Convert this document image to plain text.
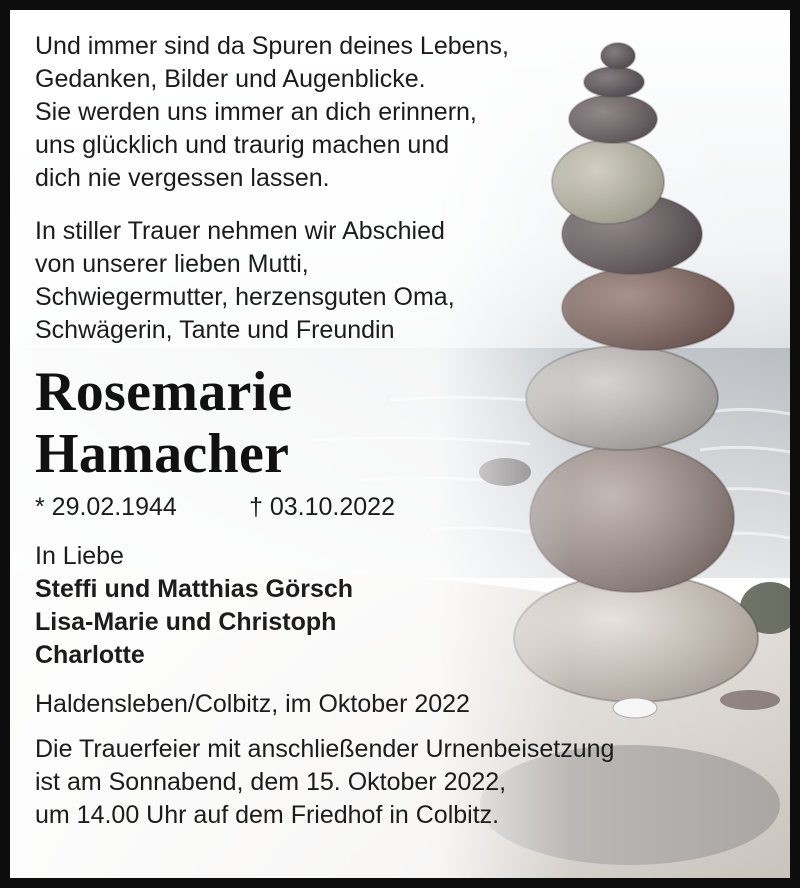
Und immer sind da Spuren deines Lebens,
Gedanken, Bilder und Augenblicke.
Sie werden uns immer an dich erinnern,
uns glücklich und traurig machen und
dich nie vergessen lassen.
In stiller Trauer nehmen wir Abschied
von unserer lieben Mutti,
Schwiegermutter, herzensguten Oma,
Schwägerin, Tante und Freundin
Rosemarie
Hamacher
* 29.02.1944	† 03.10.2022
In Liebe
Steffi und Matthias Görsch
Lisa-Marie und Christoph
Charlotte
Haldensleben/Colbitz, im Oktober 2022
Die Trauerfeier mit anschließender Urnenbeisetzung
ist am Sonnabend, dem 15. Oktober 2022,
um 14.00 Uhr auf dem Friedhof in Colbitz.
